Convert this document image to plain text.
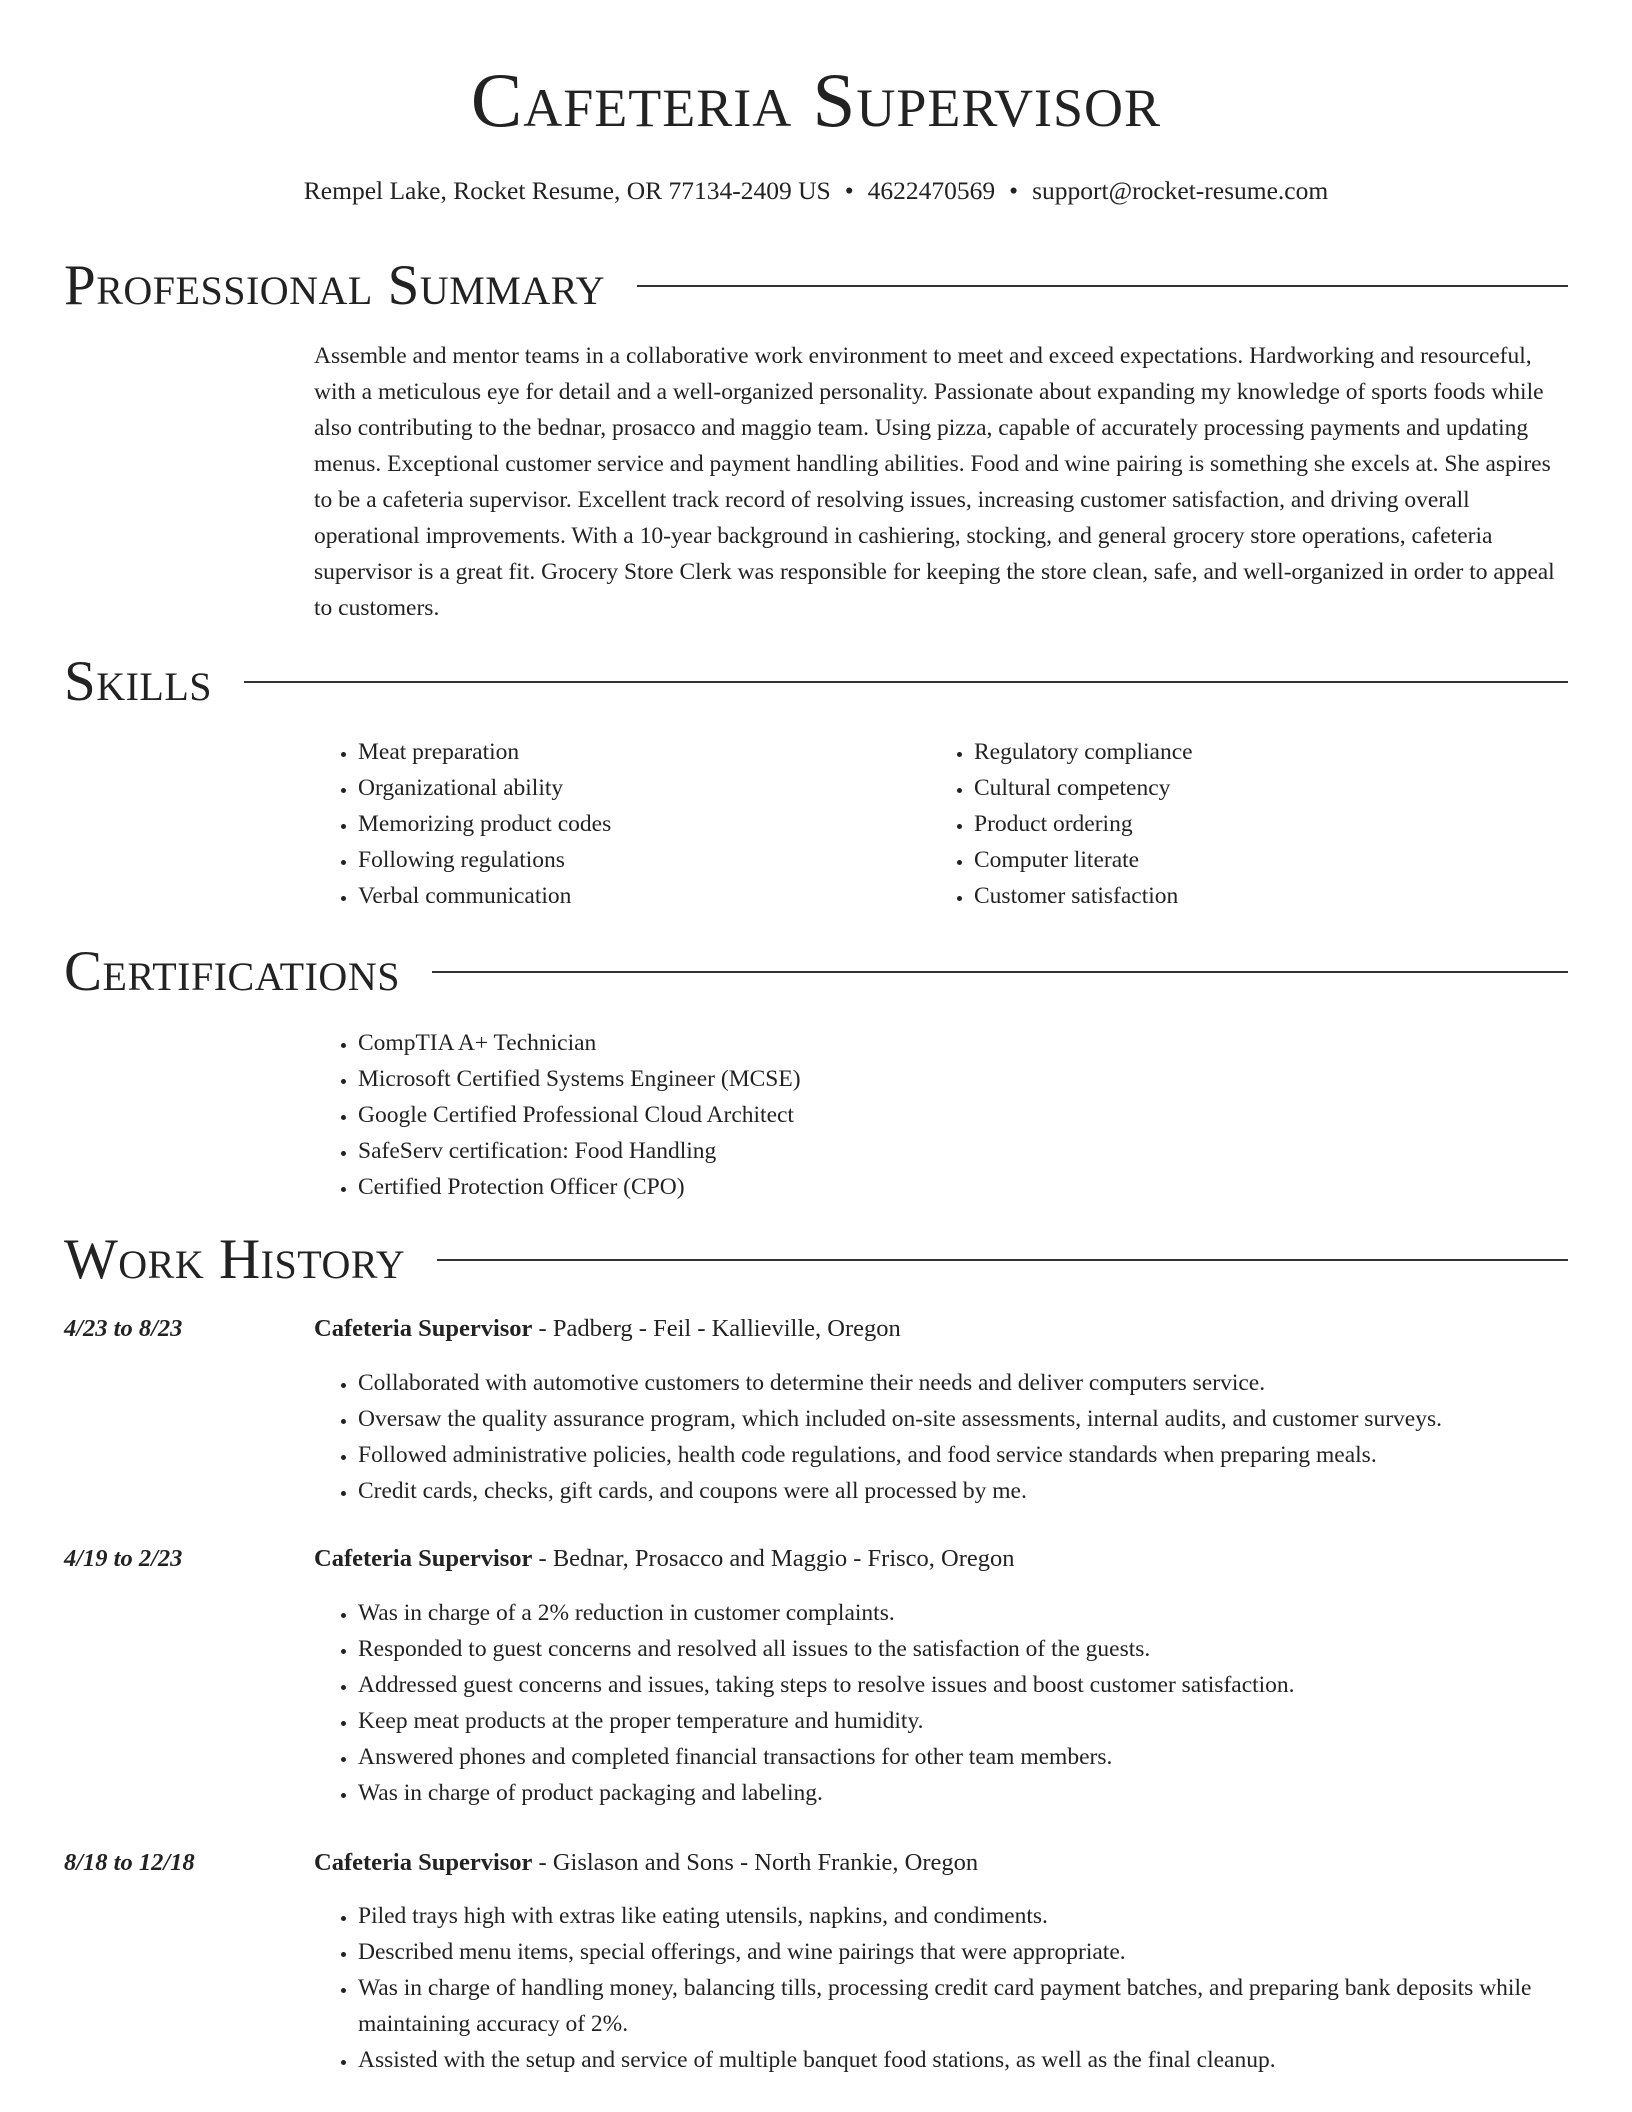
Cafeteria Supervisor
Rempel Lake, Rocket Resume, OR 77134-2409 US • 4622470569 • support@rocket-resume.com
Professional Summary
Assemble and mentor teams in a collaborative work environment to meet and exceed expectations. Hardworking and resourceful, with a meticulous eye for detail and a well-organized personality. Passionate about expanding my knowledge of sports foods while also contributing to the bednar, prosacco and maggio team. Using pizza, capable of accurately processing payments and updating menus. Exceptional customer service and payment handling abilities. Food and wine pairing is something she excels at. She aspires to be a cafeteria supervisor. Excellent track record of resolving issues, increasing customer satisfaction, and driving overall operational improvements. With a 10-year background in cashiering, stocking, and general grocery store operations, cafeteria supervisor is a great fit. Grocery Store Clerk was responsible for keeping the store clean, safe, and well-organized in order to appeal to customers.
Skills
• Meat preparation
• Organizational ability
• Memorizing product codes
• Following regulations
• Verbal communication
• Regulatory compliance
• Cultural competency
• Product ordering
• Computer literate
• Customer satisfaction
Certifications
• CompTIA A+ Technician
• Microsoft Certified Systems Engineer (MCSE)
• Google Certified Professional Cloud Architect
• SafeServ certification: Food Handling
• Certified Protection Officer (CPO)
Work History
4/23 to 8/23	Cafeteria Supervisor - Padberg - Feil - Kallieville, Oregon
• Collaborated with automotive customers to determine their needs and deliver computers service.
• Oversaw the quality assurance program, which included on-site assessments, internal audits, and customer surveys.
• Followed administrative policies, health code regulations, and food service standards when preparing meals.
• Credit cards, checks, gift cards, and coupons were all processed by me.
4/19 to 2/23	Cafeteria Supervisor - Bednar, Prosacco and Maggio - Frisco, Oregon
• Was in charge of a 2% reduction in customer complaints.
• Responded to guest concerns and resolved all issues to the satisfaction of the guests.
• Addressed guest concerns and issues, taking steps to resolve issues and boost customer satisfaction.
• Keep meat products at the proper temperature and humidity.
• Answered phones and completed financial transactions for other team members.
• Was in charge of product packaging and labeling.
8/18 to 12/18	Cafeteria Supervisor - Gislason and Sons - North Frankie, Oregon
• Piled trays high with extras like eating utensils, napkins, and condiments.
• Described menu items, special offerings, and wine pairings that were appropriate.
• Was in charge of handling money, balancing tills, processing credit card payment batches, and preparing bank deposits while maintaining accuracy of 2%.
• Assisted with the setup and service of multiple banquet food stations, as well as the final cleanup.
